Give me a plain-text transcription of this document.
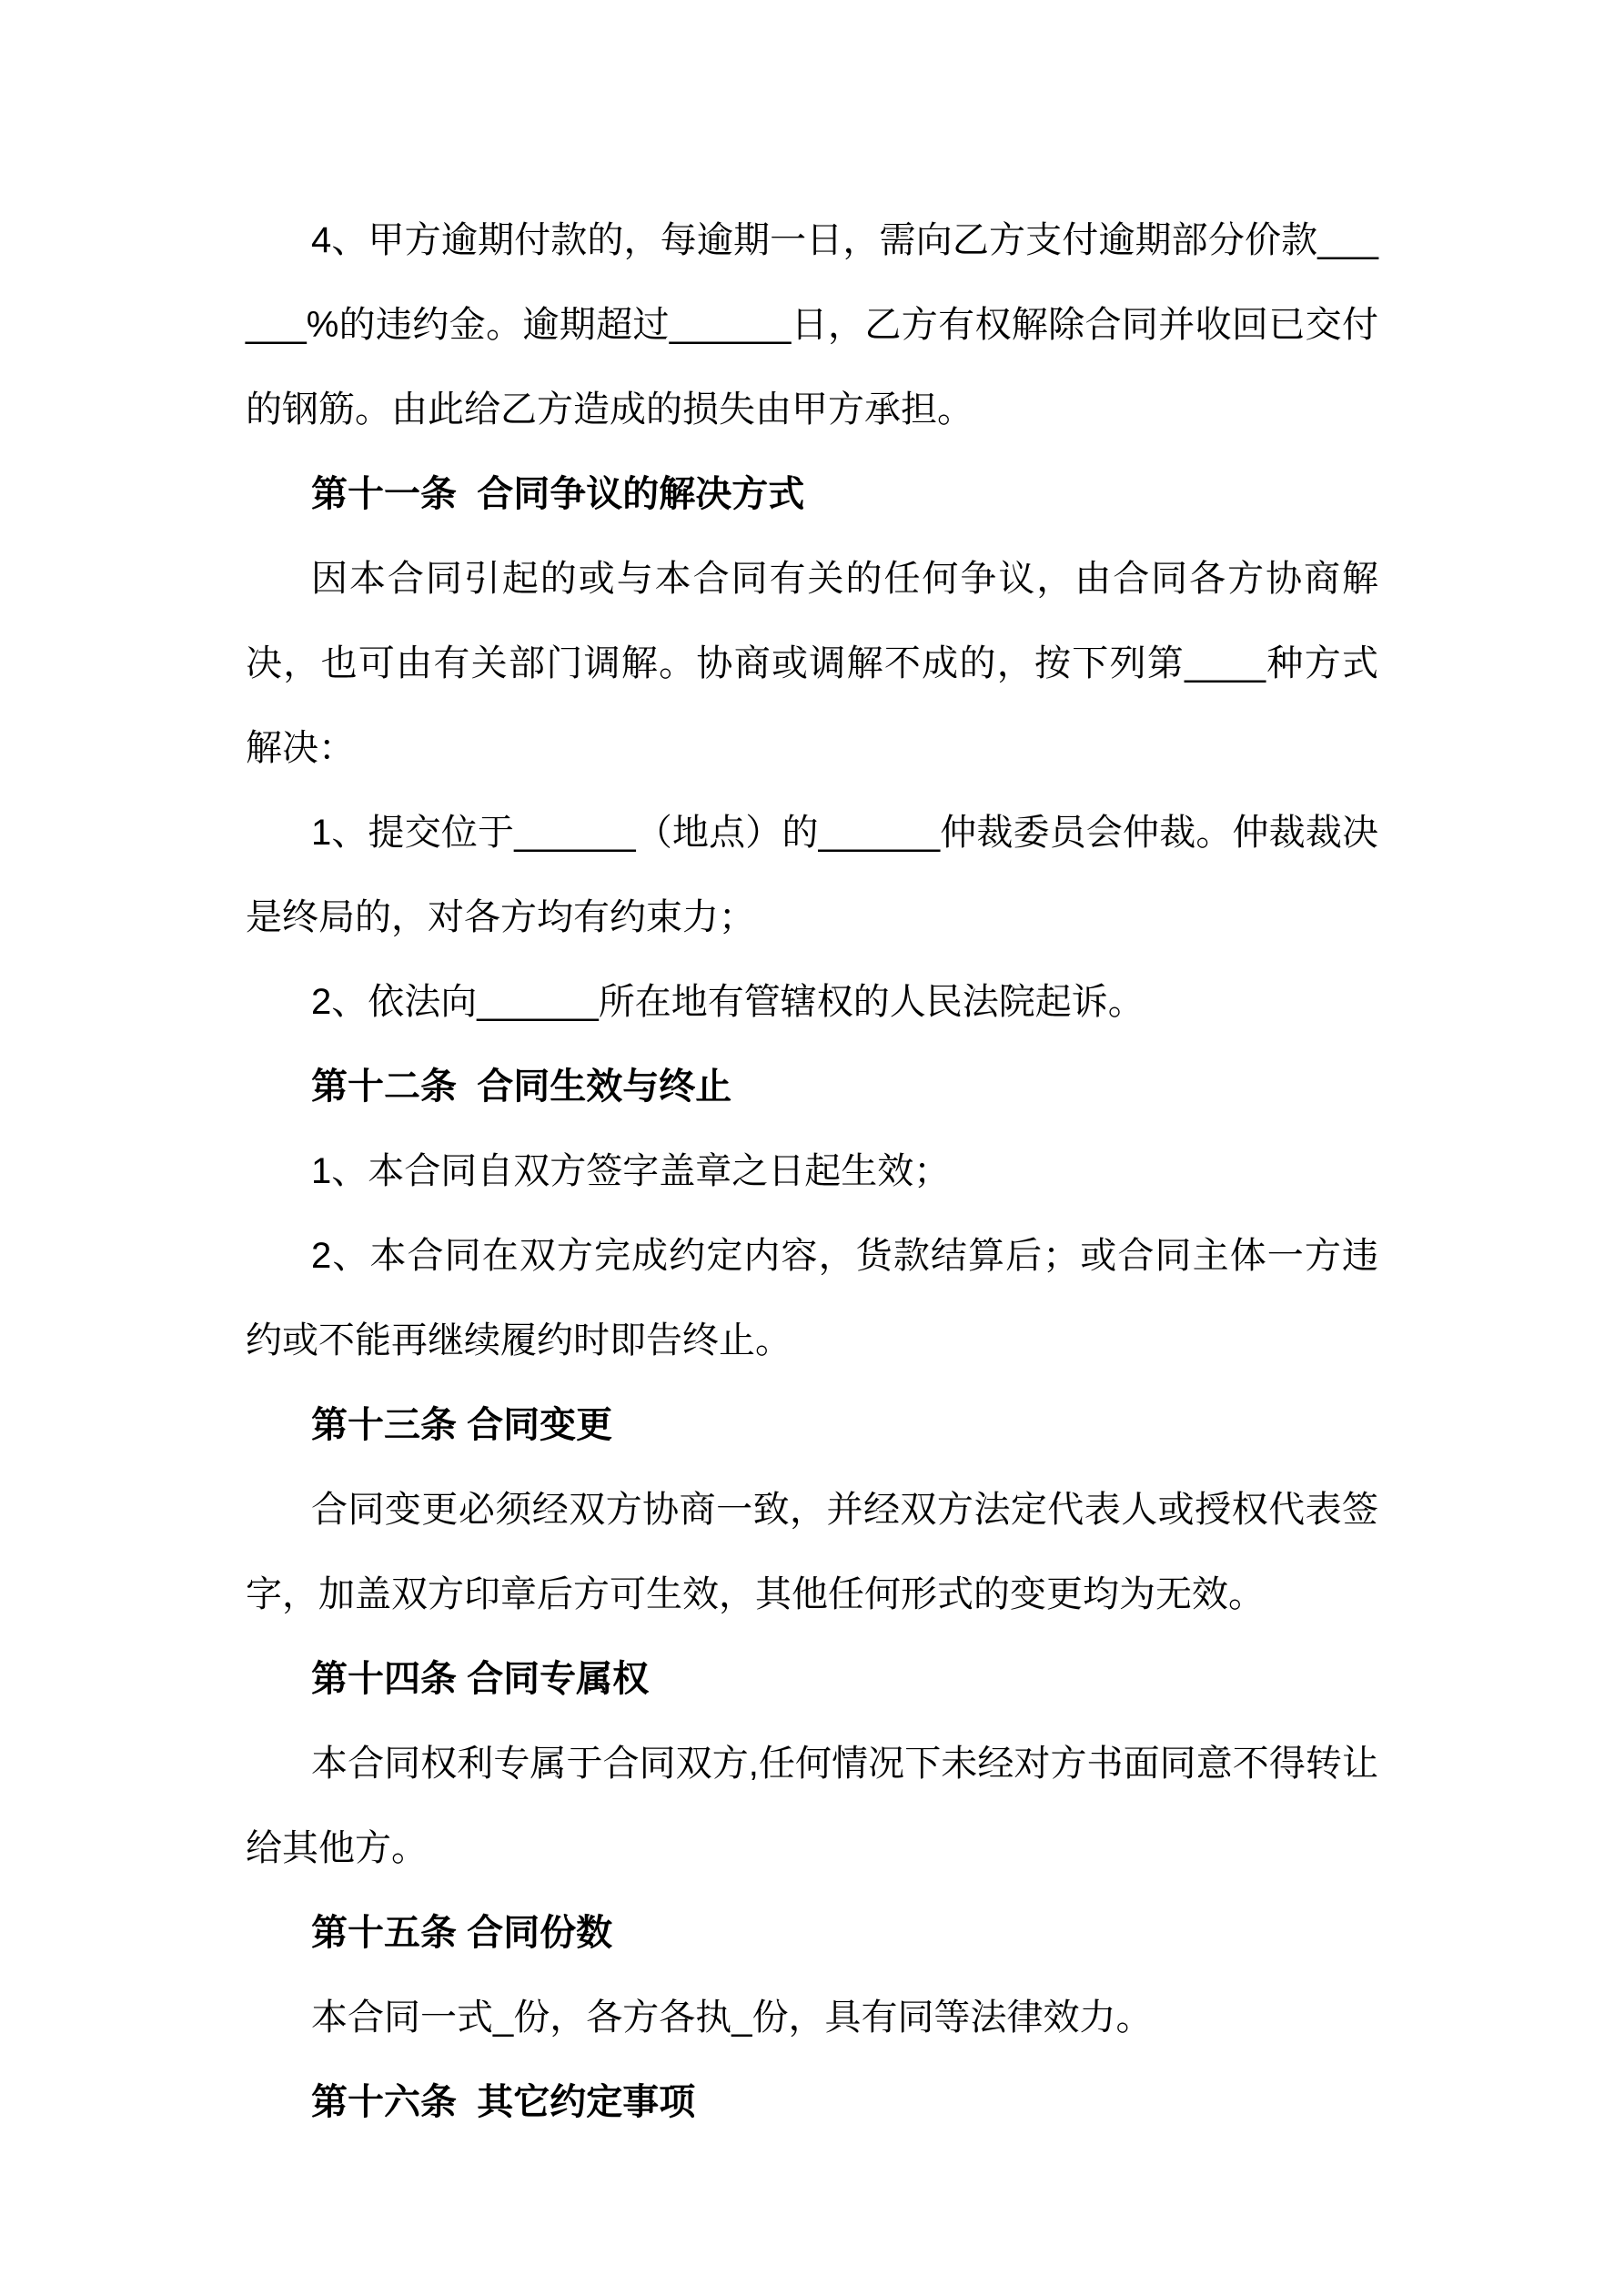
4、甲方逾期付款的，每逾期一日，需向乙方支付逾期部分价款______%的违约金。逾期超过______日，乙方有权解除合同并收回已交付的钢筋。由此给乙方造成的损失由甲方承担。

第十一条  合同争议的解决方式

因本合同引起的或与本合同有关的任何争议，由合同各方协商解决，也可由有关部门调解。协商或调解不成的，按下列第____种方式解决：

1、提交位于______（地点）的______仲裁委员会仲裁。仲裁裁决是终局的，对各方均有约束力；

2、依法向______所在地有管辖权的人民法院起诉。

第十二条  合同生效与终止

1、本合同自双方签字盖章之日起生效；

2、本合同在双方完成约定内容，货款结算后；或合同主体一方违约或不能再继续履约时即告终止。

第十三条 合同变更

合同变更必须经双方协商一致，并经双方法定代表人或授权代表签字，加盖双方印章后方可生效，其他任何形式的变更均为无效。

第十四条 合同专属权

本合同权利专属于合同双方,任何情况下未经对方书面同意不得转让给其他方。

第十五条 合同份数

本合同一式_份，各方各执_份，具有同等法律效力。

第十六条  其它约定事项
